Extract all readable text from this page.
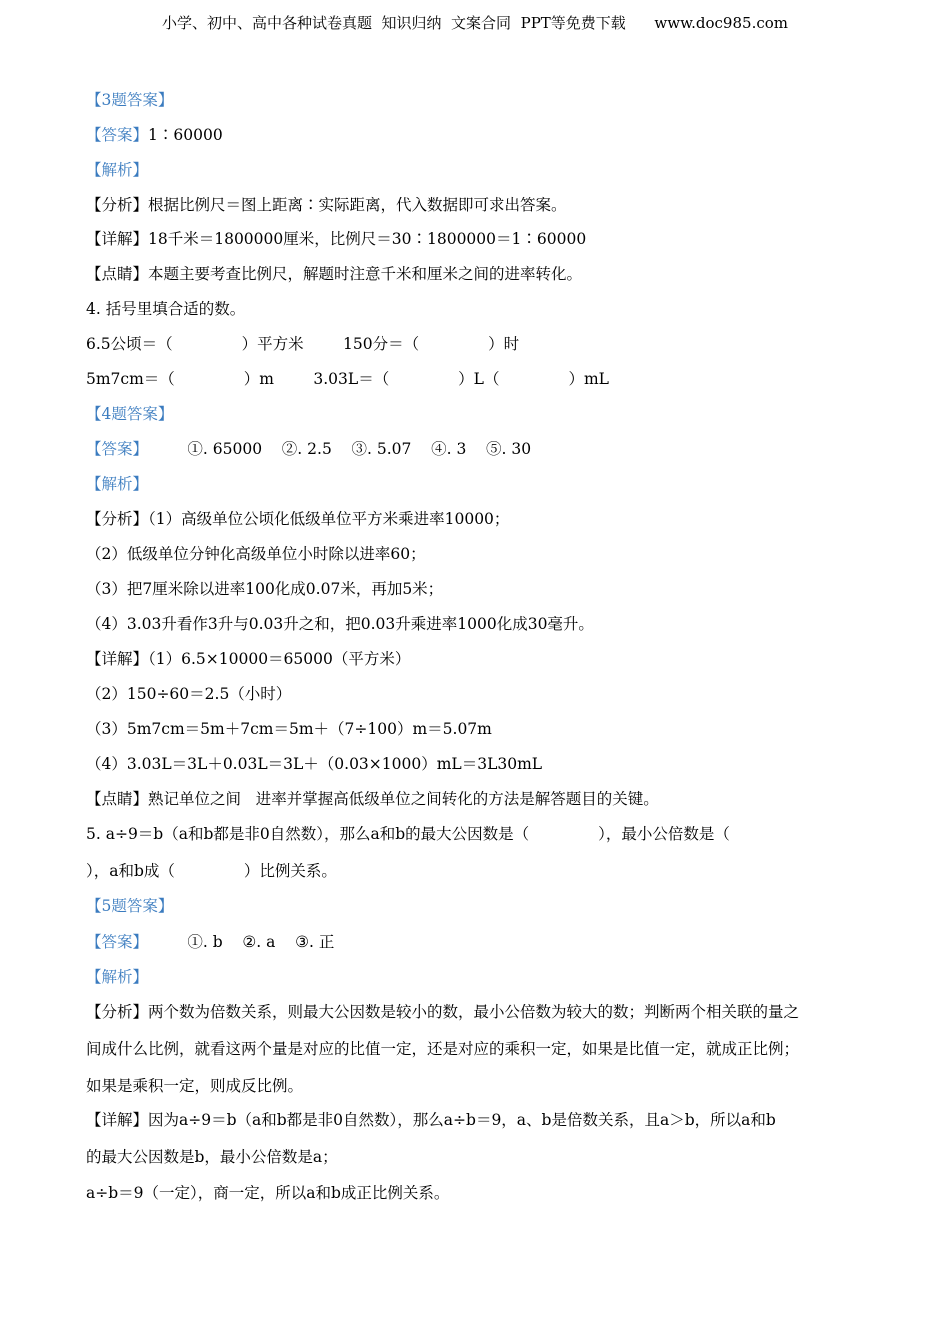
小学、初中、高中各种试卷真题  知识归纳  文案合同  PPT等免费下载      www.doc985.com
【3题答案】
【答案】1∶60000
【解析】
【分析】根据比例尺＝图上距离∶实际距离，代入数据即可求出答案。
【详解】18千米＝1800000厘米，比例尺＝30∶1800000＝1∶60000
【点睛】本题主要考查比例尺，解题时注意千米和厘米之间的进率转化。
4. 括号里填合适的数。
6.5公顷＝（              ）平方米        150分＝（              ）时
5m7cm＝（              ）m        3.03L＝（              ）L（              ）mL
【4题答案】
【答案】        ①. 65000    ②. 2.5    ③. 5.07    ④. 3    ⑤. 30
【解析】
【分析】（1）高级单位公顷化低级单位平方米乘进率10000；
（2）低级单位分钟化高级单位小时除以进率60；
（3）把7厘米除以进率100化成0.07米，再加5米；
（4）3.03升看作3升与0.03升之和，把0.03升乘进率1000化成30毫升。
【详解】（1）6.5×10000＝65000（平方米）
（2）150÷60＝2.5（小时）
（3）5m7cm＝5m＋7cm＝5m＋（7÷100）m＝5.07m
（4）3.03L＝3L＋0.03L＝3L＋（0.03×1000）mL＝3L30mL
【点睛】熟记单位之间   进率并掌握高低级单位之间转化的方法是解答题目的关键。
5. a÷9＝b（a和b都是非0自然数），那么a和b的最大公因数是（              ），最小公倍数是（
），a和b成（              ）比例关系。
【5题答案】
【答案】        ①. b    ②. a    ③. 正
【解析】
【分析】两个数为倍数关系，则最大公因数是较小的数，最小公倍数为较大的数；判断两个相关联的量之
间成什么比例，就看这两个量是对应的比值一定，还是对应的乘积一定，如果是比值一定，就成正比例；
如果是乘积一定，则成反比例。
【详解】因为a÷9＝b（a和b都是非0自然数），那么a÷b＝9，a、b是倍数关系，且a＞b，所以a和b
的最大公因数是b，最小公倍数是a；
a÷b＝9（一定），商一定，所以a和b成正比例关系。
